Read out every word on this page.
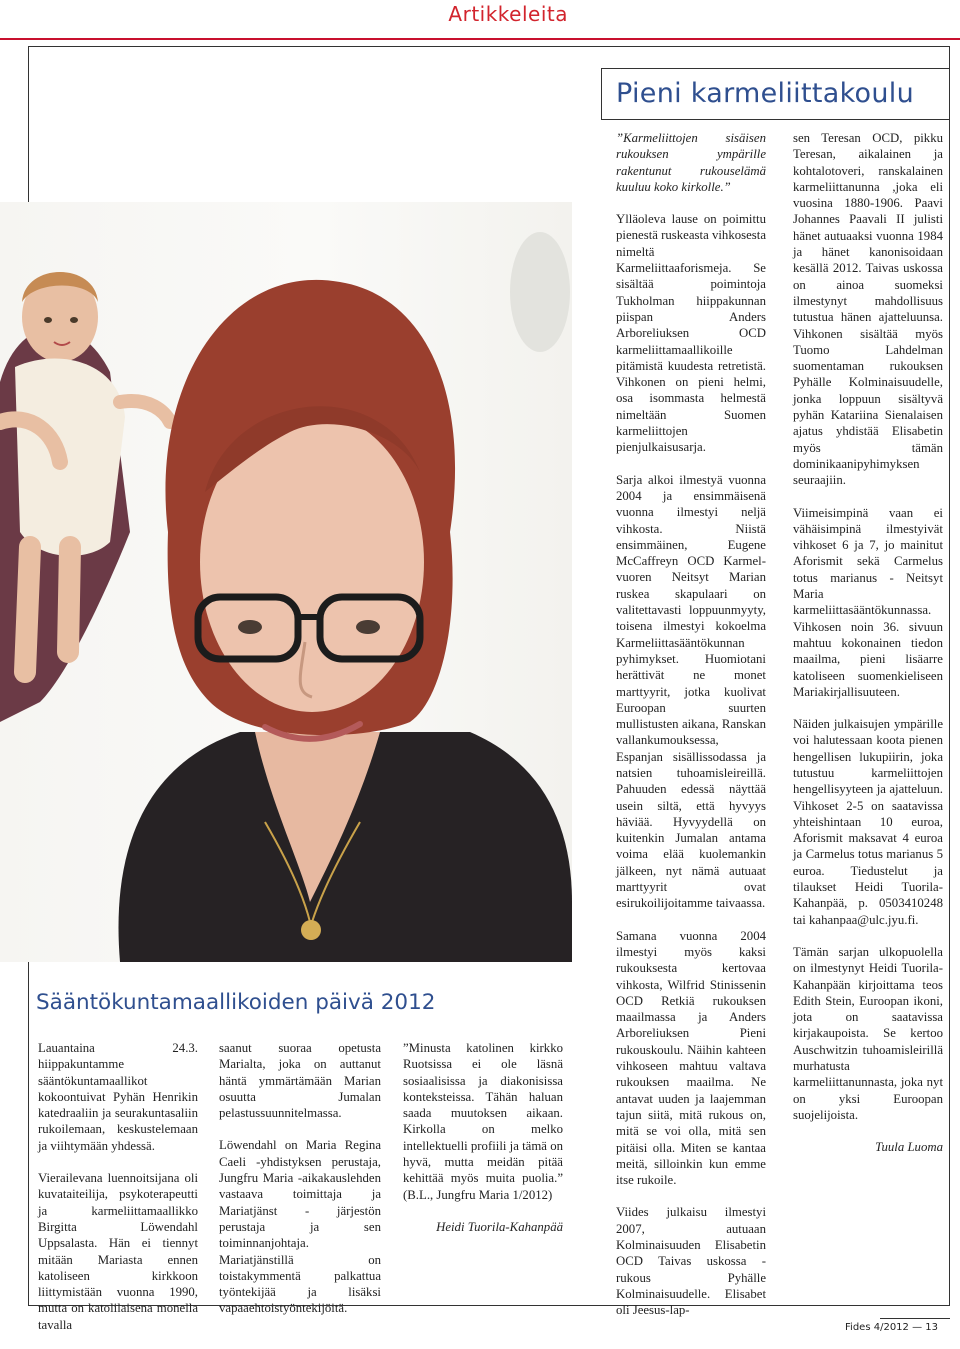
Artikkeleita
Pieni karmeliittakoulu
Sääntökuntamaallikoiden päivä 2012

Lauantaina 24.3. hiippakuntamme sääntökuntamaallikot kokoontuivat Pyhän Henrikin katedraaliin ja seurakuntasaliin rukoilemaan, keskustelemaan ja viihtymään yhdessä.

Vierailevana luennoitsijana oli kuvataiteilija, psykoterapeutti ja karmeliittamaallikko Birgitta Löwendahl Uppsalasta. Hän ei tiennyt mitään Mariasta ennen katoliseen kirkkoon liittymistään vuonna 1990, mutta on katolilaisena monella tavalla

saanut suoraa opetusta Marialta, joka on auttanut häntä ymmärtämään Marian osuutta Jumalan pelastussuunnitelmassa.

Löwendahl on Maria Regina Caeli -yhdistyksen perustaja, Jungfru Maria -aikakauslehden vastaava toimittaja ja Mariatjänst - järjestön perustaja ja sen toiminnanjohtaja. Mariatjänstillä on toistakymmentä palkattua työntekijää ja lisäksi vapaaehtoistyöntekijöitä.

”Minusta katolinen kirkko Ruotsissa ei ole läsnä sosiaalisissa ja diakonisissa konteksteissa. Tähän haluan saada muutoksen aikaan. Kirkolla on melko intellektuelli profiili ja tämä on hyvä, mutta meidän pitää kehittää myös muita puolia.” (B.L., Jungfru Maria 1/2012)

Heidi Tuorila-Kahanpää

”Karmeliittojen sisäisen rukouksen ympärille rakentunut rukouselämä kuuluu koko kirkolle.”

Ylläoleva lause on poimittu pienestä ruskeasta vihkosesta nimeltä Karmeliittaaforismeja. Se sisältää poimintoja Tukholman hiippakunnan piispan Anders Arboreliuksen OCD karmeliittamaallikoille pitämistä kuudesta retretistä. Vihkonen on pieni helmi, osa isommasta helmestä nimeltään Suomen karmeliittojen pienjulkaisusarja.

Sarja alkoi ilmestyä vuonna 2004 ja ensimmäisenä vuonna ilmestyi neljä vihkosta. Niistä ensimmäinen, Eugene McCaffreyn OCD Karmel-vuoren Neitsyt Marian ruskea skapulaari on valitettavasti loppuunmyyty, toisena ilmestyi kokoelma Karmeliittasääntökunnan pyhimykset. Huomiotani herättivät ne monet marttyyrit, jotka kuolivat Euroopan suurten mullistusten aikana, Ranskan vallankumouksessa, Espanjan sisällissodassa ja natsien tuhoamisleireillä. Pahuuden edessä näyttää usein siltä, että hyvyys häviää. Hyvyydellä on kuitenkin Jumalan antama voima elää kuolemankin jälkeen, nyt nämä autuaat marttyyrit ovat esirukoilijoitamme taivaassa.

Samana vuonna 2004 ilmestyi myös kaksi rukouksesta kertovaa vihkosta, Wilfrid Stinissenin OCD Retkiä rukouksen maailmassa ja Anders Arboreliuksen Pieni rukouskoulu. Näihin kahteen vihkoseen mahtuu valtava rukouksen maailma. Ne antavat uuden ja laajemman tajun siitä, mitä rukous on, mitä se voi olla, mitä sen pitäisi olla. Miten se kantaa meitä, silloinkin kun emme itse rukoile.

Viides julkaisu ilmestyi 2007, autuaan Kolminaisuuden Elisabetin OCD Taivas uskossa - rukous Pyhälle Kolminaisuudelle. Elisabet oli Jeesus-lap-

sen Teresan OCD, pikku Teresan, aikalainen ja kohtalotoveri, ranskalainen karmeliittanunna ,joka eli vuosina 1880-1906. Paavi Johannes Paavali II julisti hänet autuaaksi vuonna 1984 ja hänet kanonisoidaan kesällä 2012. Taivas uskossa on ainoa suomeksi ilmestynyt mahdollisuus tutustua hänen ajatteluunsa. Vihkonen sisältää myös Tuomo Lahdelman suomentaman rukouksen Pyhälle Kolminaisuudelle, jonka loppuun sisältyvä pyhän Katariina Sienalaisen ajatus yhdistää Elisabetin myös tämän dominikaanipyhimyksen seuraajiin.

Viimeisimpinä vaan ei vähäisimpinä ilmestyivät vihkoset 6 ja 7, jo mainitut Aforismit sekä Carmelus totus marianus - Neitsyt Maria karmeliittasääntökunnassa. Vihkosen noin 36. sivuun mahtuu kokonainen tiedon maailma, pieni lisäarre katoliseen suomenkieliseen Mariakirjallisuuteen.

Näiden julkaisujen ympärille voi halutessaan koota pienen hengellisen lukupiirin, joka tutustuu karmeliittojen hengellisyyteen ja ajatteluun. Vihkoset 2-5 on saatavissa yhteishintaan 10 euroa, Aforismit maksavat 4 euroa ja Carmelus totus marianus 5 euroa. Tiedustelut ja tilaukset Heidi Tuorila-Kahanpää, p. 0503410248 tai kahanpaa@ulc.jyu.fi.

Tämän sarjan ulkopuolella on ilmestynyt Heidi Tuorila-Kahanpään kirjoittama teos Edith Stein, Euroopan ikoni, jota on saatavissa kirjakaupoista. Se kertoo Auschwitzin tuhoamisleirillä murhatusta karmeliittanunnasta, joka nyt on yksi Euroopan suojelijoista.

Tuula Luoma

Fides 4/2012 — 13
